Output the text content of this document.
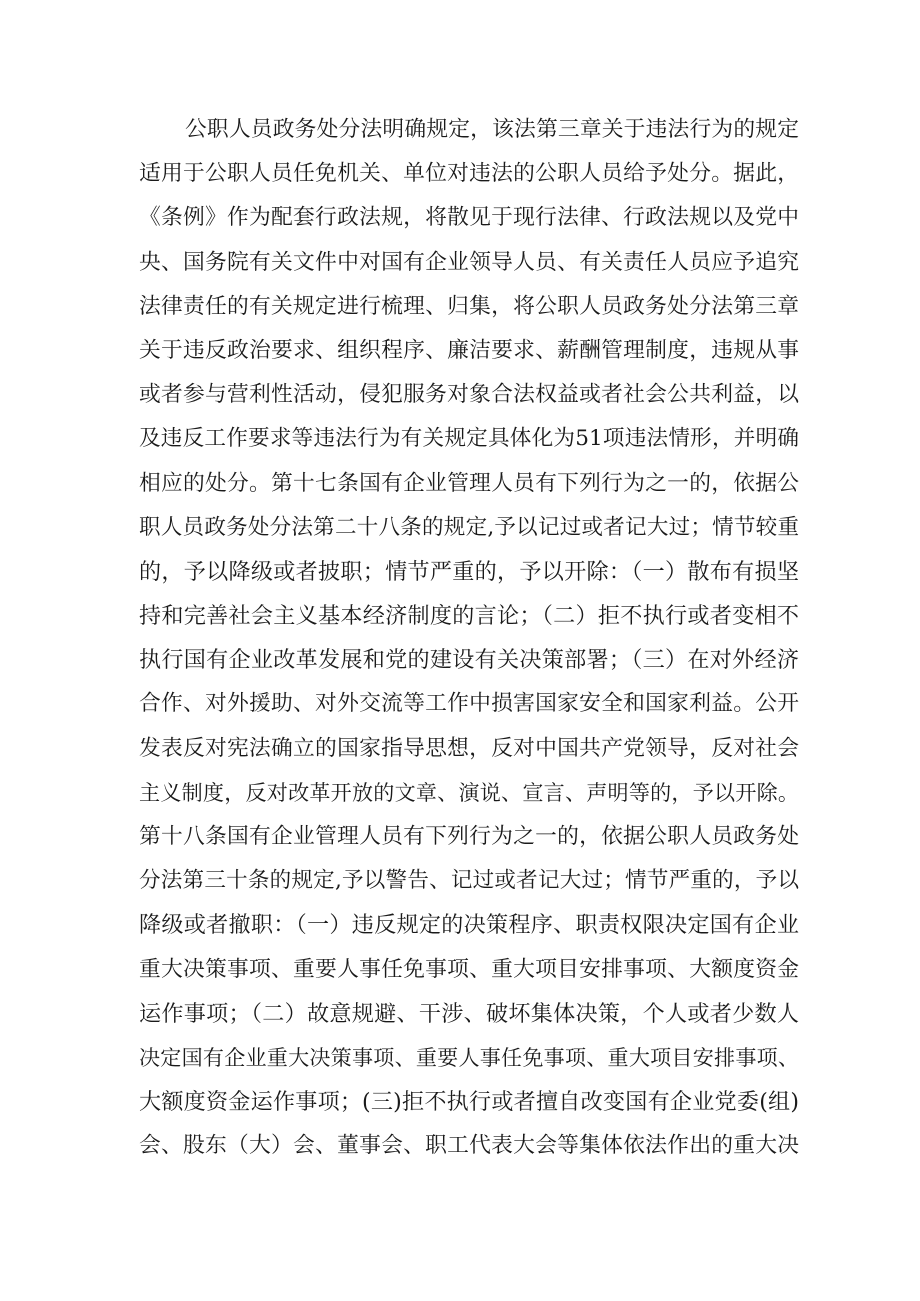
公职人员政务处分法明确规定，该法第三章关于违法行为的规定
适用于公职人员任免机关、单位对违法的公职人员给予处分。据此，
《条例》作为配套行政法规，将散见于现行法律、行政法规以及党中
央、国务院有关文件中对国有企业领导人员、有关责任人员应予追究
法律责任的有关规定进行梳理、归集，将公职人员政务处分法第三章
关于违反政治要求、组织程序、廉洁要求、薪酬管理制度，违规从事
或者参与营利性活动，侵犯服务对象合法权益或者社会公共利益，以
及违反工作要求等违法行为有关规定具体化为51项违法情形，并明确
相应的处分。第十七条国有企业管理人员有下列行为之一的，依据公
职人员政务处分法第二十八条的规定,予以记过或者记大过；情节较重
的，予以降级或者披职；情节严重的，予以开除：（一）散布有损坚
持和完善社会主义基本经济制度的言论；（二）拒不执行或者变相不
执行国有企业改革发展和党的建设有关决策部署；（三）在对外经济
合作、对外援助、对外交流等工作中损害国家安全和国家利益。公开
发表反对宪法确立的国家指导思想，反对中国共产党领导，反对社会
主义制度，反对改革开放的文章、演说、宣言、声明等的，予以开除。
第十八条国有企业管理人员有下列行为之一的，依据公职人员政务处
分法第三十条的规定,予以警告、记过或者记大过；情节严重的，予以
降级或者撤职：（一）违反规定的决策程序、职责权限决定国有企业
重大决策事项、重要人事任免事项、重大项目安排事项、大额度资金
运作事项；（二）故意规避、干涉、破坏集体决策，个人或者少数人
决定国有企业重大决策事项、重要人事任免事项、重大项目安排事项、
大额度资金运作事项；(三)拒不执行或者擅自改变国有企业党委(组)
会、股东（大）会、董事会、职工代表大会等集体依法作出的重大决
